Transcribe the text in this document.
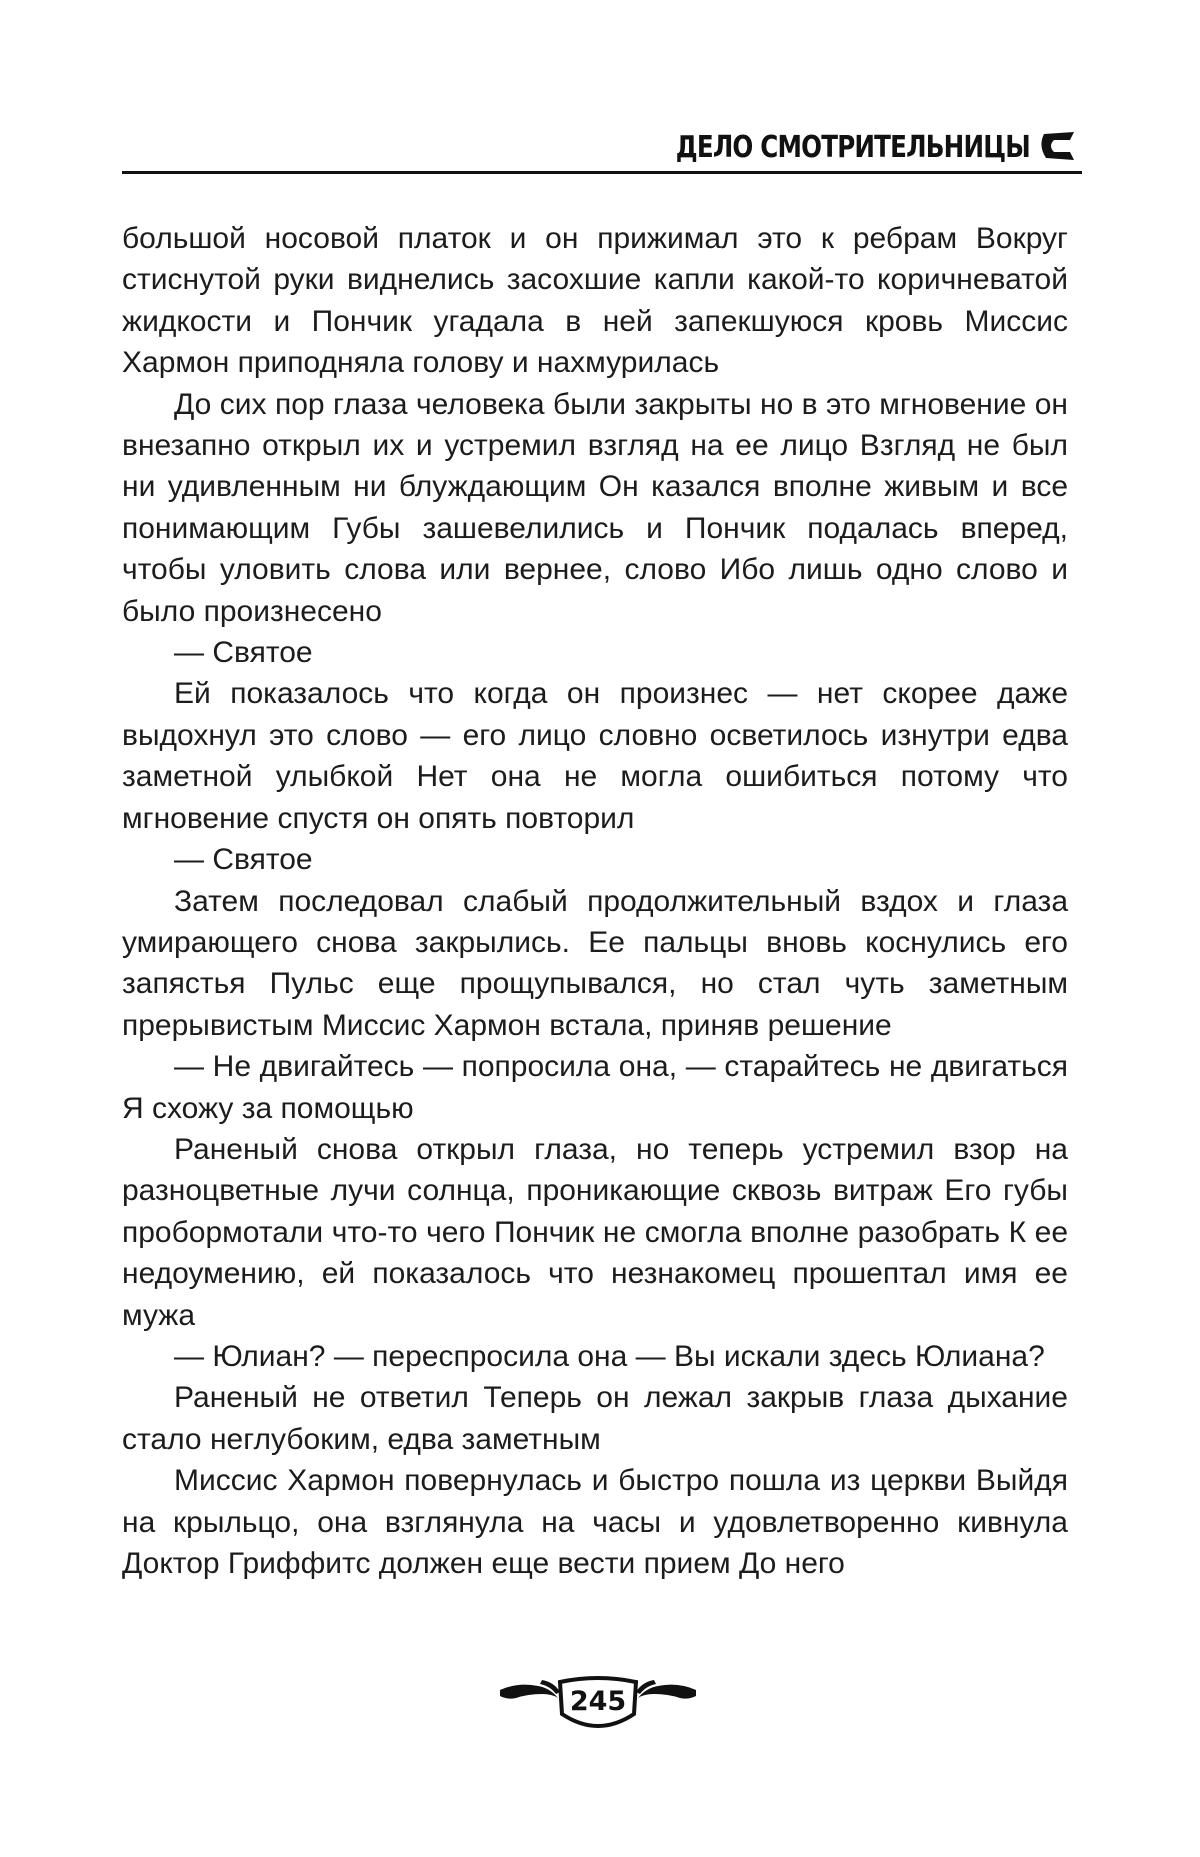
ДЕЛО СМОТРИТЕЛЬНИЦЫ

большой носовой платок и он прижимал это к ребрам Вокруг стиснутой руки виднелись засохшие капли какой-то коричневатой жидкости и Пончик угадала в ней запекшуюся кровь Миссис Хармон приподняла голову и нахмурилась

До сих пор глаза человека были закрыты но в это мгновение он внезапно открыл их и устремил взгляд на ее лицо Взгляд не был ни удивленным ни блуждающим Он казался вполне живым и все понимающим Губы зашевелились и Пончик подалась вперед, чтобы уловить слова или вернее, слово Ибо лишь одно слово и было произнесено

— Святое

Ей показалось что когда он произнес — нет скорее даже выдохнул это слово — его лицо словно осветилось изнутри едва заметной улыбкой Нет она не могла ошибиться потому что мгновение спустя он опять повторил

— Святое

Затем последовал слабый продолжительный вздох и глаза умирающего снова закрылись. Ее пальцы вновь коснулись его запястья Пульс еще прощупывался, но стал чуть заметным прерывистым Миссис Хармон встала, приняв решение

— Не двигайтесь — попросила она, — старайтесь не двигаться Я схожу за помощью

Раненый снова открыл глаза, но теперь устремил взор на разноцветные лучи солнца, проникающие сквозь витраж Его губы пробормотали что-то чего Пончик не смогла вполне разобрать К ее недоумению, ей показалось что незнакомец прошептал имя ее мужа

— Юлиан? — переспросила она — Вы искали здесь Юлиана?

Раненый не ответил Теперь он лежал закрыв глаза дыхание стало неглубоким, едва заметным

Миссис Хармон повернулась и быстро пошла из церкви Выйдя на крыльцо, она взглянула на часы и удовлетворенно кивнула Доктор Гриффитс должен еще вести прием До него

245
